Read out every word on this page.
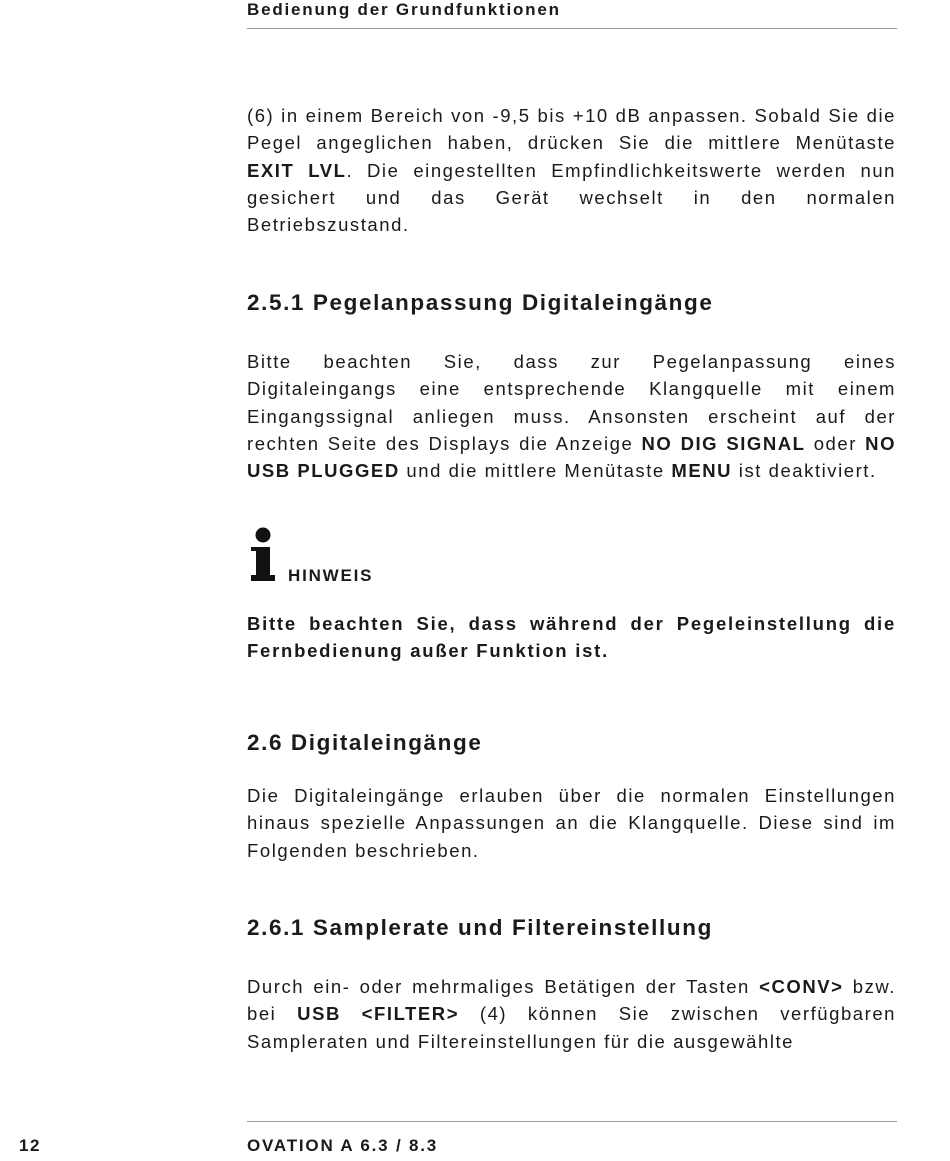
Bedienung der Grundfunktionen

(6) in einem Bereich von -9,5 bis +10 dB anpassen. Sobald Sie die Pegel angeglichen haben, drücken Sie die mittlere Menütaste EXIT LVL. Die eingestellten Empfindlichkeitswerte werden nun gesichert und das Gerät wechselt in den normalen Betriebszustand.

2.5.1 Pegelanpassung Digitaleingänge

Bitte beachten Sie, dass zur Pegelanpassung eines Digitaleingangs eine entsprechende Klangquelle mit einem Eingangssignal anliegen muss. Ansonsten erscheint auf der rechten Seite des Displays die Anzeige NO DIG SIGNAL oder NO USB PLUGGED und die mittlere Menütaste MENU ist deaktiviert.

HINWEIS

Bitte beachten Sie, dass während der Pegeleinstellung die Fernbedienung außer Funktion ist.

2.6 Digitaleingänge

Die Digitaleingänge erlauben über die normalen Einstellungen hinaus spezielle Anpassungen an die Klangquelle. Diese sind im Folgenden beschrieben.

2.6.1 Samplerate und Filtereinstellung

Durch ein- oder mehrmaliges Betätigen der Tasten <CONV> bzw. bei USB <FILTER> (4) können Sie zwischen verfügbaren Sampleraten und Filtereinstellungen für die ausgewählte

12	OVATION A 6.3 / 8.3
